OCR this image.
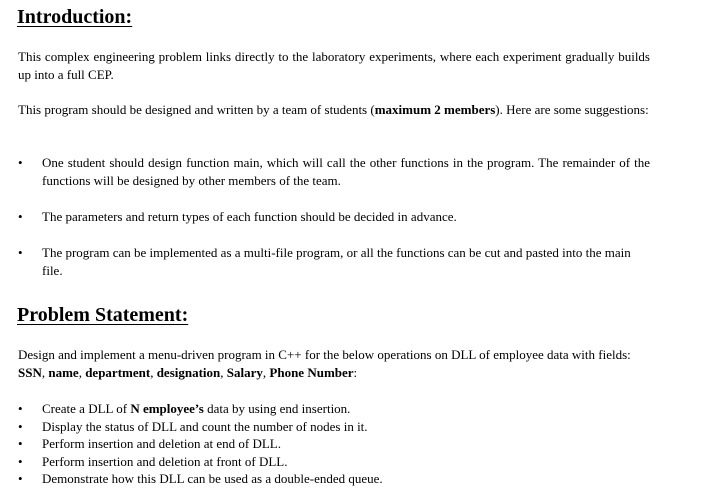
Introduction:

This complex engineering problem links directly to the laboratory experiments, where each experiment gradually builds up into a full CEP.

This program should be designed and written by a team of students (maximum 2 members). Here are some suggestions:

• One student should design function main, which will call the other functions in the program. The remainder of the functions will be designed by other members of the team.
• The parameters and return types of each function should be decided in advance.
• The program can be implemented as a multi-file program, or all the functions can be cut and pasted into the main file.
Problem Statement:

Design and implement a menu-driven program in C++ for the below operations on DLL of employee data with fields: SSN, name, department, designation, Salary, Phone Number:

• Create a DLL of N employee’s data by using end insertion.
• Display the status of DLL and count the number of nodes in it.
• Perform insertion and deletion at end of DLL.
• Perform insertion and deletion at front of DLL.
• Demonstrate how this DLL can be used as a double-ended queue.
